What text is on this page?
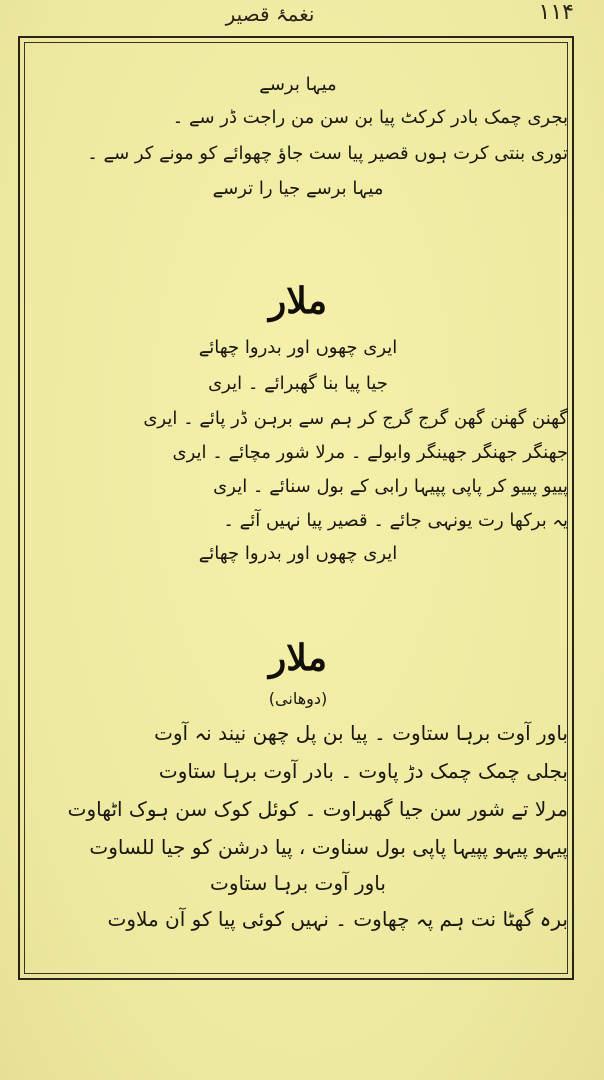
نغمۂ قصیر	۱۱۴
میہا برسے
بجری چمک بادر کرکٹ پیا بن سن من راجت ڈر سے ۔
توری بنتی کرت ہوں قصیر پیا ست جاؤ چھوائے کو مونے کر سے ۔
میہا برسے جیا را ترسے
ملار
ایری چھوں اور بدروا چھائے
جیا پیا بنا گھبرائے ۔ ایری
گھنن گھنن گھن گرج گرج کر ہم سے برہن ڈر پائے ۔ ایری
جھنگر جھنگر جھینگر وابولے ۔ مرلا شور مچائے ۔ ایری
پییو پییو کر پاپی پپیہا رابی کے بول سنائے ۔ ایری
یہ برکھا رت یونہی جائے ۔ قصیر پیا نہیں آئے ۔
ایری چھوں اور بدروا چھائے
ملار
(دوھانی)
باور آوت برہا ستاوت ۔ پیا بن پل چھن نیند نہ آوت
بجلی چمک چمک دڑ پاوت ۔ بادر آوت برہا ستاوت
مرلا تے شور سن جیا گھبراوت ۔ کوئل کوک سن ہوک اٹھاوت
پیہو پیہو پپیہا پاپی بول سناوت ، پیا درشن کو جیا للساوت
باور آوت برہا ستاوت
برہ گھٹا نت ہم پہ چھاوت ۔ نہیں کوئی پیا کو آن ملاوت
